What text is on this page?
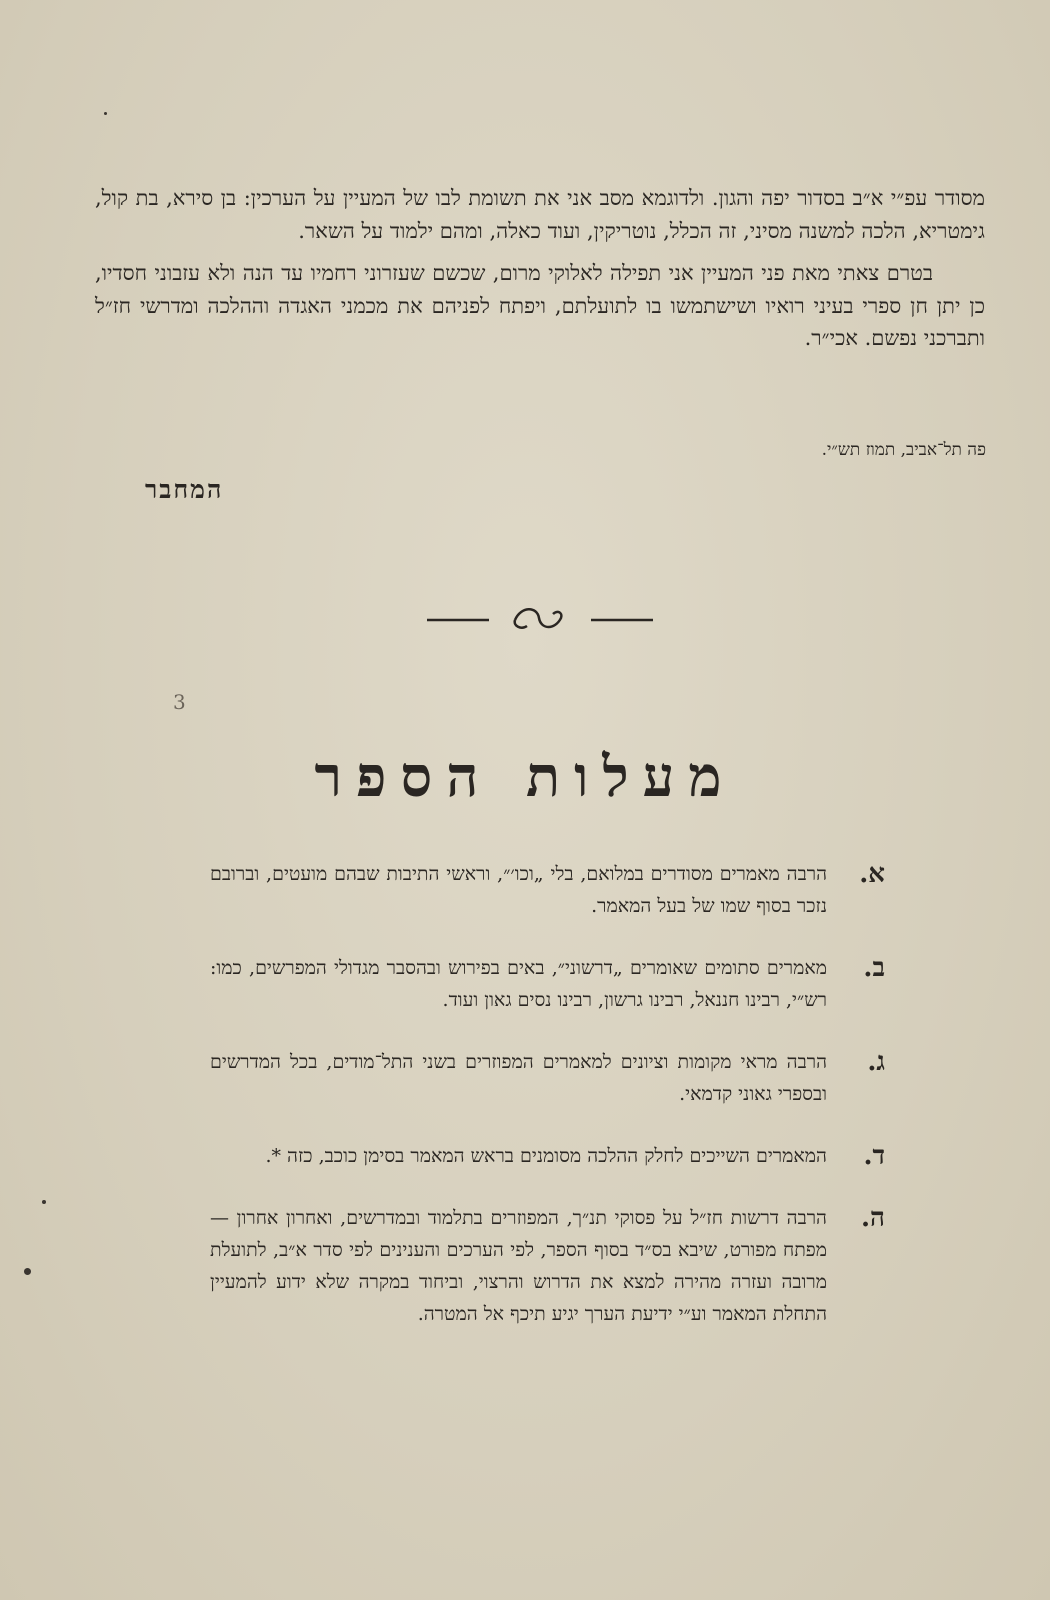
מסודר עפ״י א״ב בסדור יפה והגון. ולדוגמא מסב אני את תשומת לבו של המעיין על הערכין: בן סירא, בת קול, גימטריא, הלכה למשנה מסיני, זה הכלל, נוטריקין, ועוד כאלה, ומהם ילמוד על השאר.

בטרם צאתי מאת פני המעיין אני תפילה לאלוקי מרום, שכשם שעזרוני רחמיו עד הנה ולא עזבוני חסדיו, כן יתן חן ספרי בעיני רואיו ושישתמשו בו לתועלתם, ויפתח לפניהם את מכמני האגדה וההלכה ומדרשי חז״ל ותברכני נפשם. אכי״ר.

פה תל־אביב, תמוז תש״י.
המחבר
3
מעלות הספר
א.
הרבה מאמרים מסודרים במלואם, בלי „וכו׳״, וראשי התיבות שבהם מועטים, וברובם נזכר בסוף שמו של בעל המאמר.
ב.
מאמרים סתומים שאומרים „דרשוני״, באים בפירוש ובהסבר מגדולי המפרשים, כמו: רש״י, רבינו חננאל, רבינו גרשון, רבינו נסים גאון ועוד.
ג.
הרבה מראי מקומות וציונים למאמרים המפוזרים בשני התל־מודים, בכל המדרשים ובספרי גאוני קדמאי.
ד.
המאמרים השייכים לחלק ההלכה מסומנים בראש המאמר בסימן כוכב, כזה *.
ה.
הרבה דרשות חז״ל על פסוקי תנ״ך, המפוזרים בתלמוד ובמדרשים, ואחרון אחרון — מפתח מפורט, שיבא בס״ד בסוף הספר, לפי הערכים והענינים לפי סדר א״ב, לתועלת מרובה ועזרה מהירה למצא את הדרוש והרצוי, וביחוד במקרה שלא ידוע להמעיין התחלת המאמר וע״י ידיעת הערך יגיע תיכף אל המטרה.
